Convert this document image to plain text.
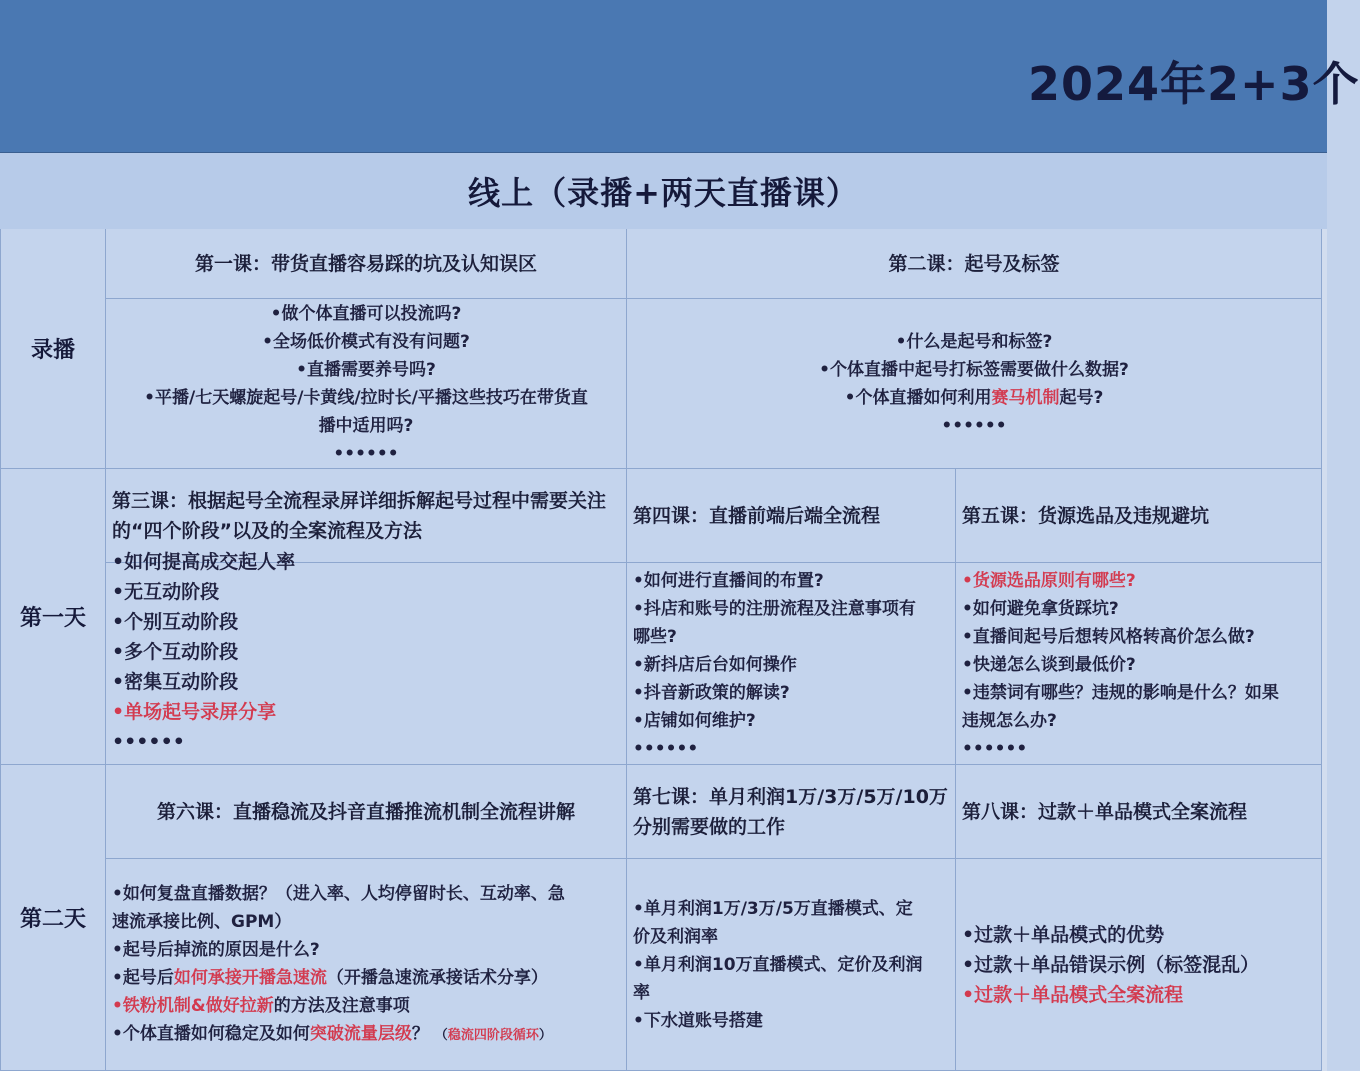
2024年2+3个
线上（录播+两天直播课）
录播
第一课：带货直播容易踩的坑及认知误区	第二课：起号及标签
•做个体直播可以投流吗?
•全场低价模式有没有问题?
•直播需要养号吗?
•平播/七天螺旋起号/卡黄线/拉时长/平播这些技巧在带货直
播中适用吗?
••••••
•什么是起号和标签?
•个体直播中起号打标签需要做什么数据?
•个体直播如何利用赛马机制起号?
••••••
第一天
第三课：根据起号全流程录屏详细拆解起号过程中需要关注的“四个阶段”以及的全案流程及方法
第四课：直播前端后端全流程	第五课：货源选品及违规避坑
•如何提高成交起人率
•无互动阶段
•个别互动阶段
•多个互动阶段
•密集互动阶段
•单场起号录屏分享
••••••
•如何进行直播间的布置?
•抖店和账号的注册流程及注意事项有
哪些?
•新抖店后台如何操作
•抖音新政策的解读?
•店铺如何维护?
••••••
•货源选品原则有哪些?
•如何避免拿货踩坑?
•直播间起号后想转风格转高价怎么做?
•快递怎么谈到最低价?
•违禁词有哪些？违规的影响是什么？如果
违规怎么办?
••••••
第二天
第六课：直播稳流及抖音直播推流机制全流程讲解
第七课：单月利润1万/3万/5万/10万分别需要做的工作
第八课：过款＋单品模式全案流程
•如何复盘直播数据？（进入率、人均停留时长、互动率、急
速流承接比例、GPM）
•起号后掉流的原因是什么?
•起号后如何承接开播急速流（开播急速流承接话术分享）
•铁粉机制&做好拉新的方法及注意事项
•个体直播如何稳定及如何突破流量层级？ （稳流四阶段循环）
•单月利润1万/3万/5万直播模式、定
价及利润率
•单月利润10万直播模式、定价及利润
率
•下水道账号搭建
•过款＋单品模式的优势
•过款＋单品错误示例（标签混乱）
•过款＋单品模式全案流程
